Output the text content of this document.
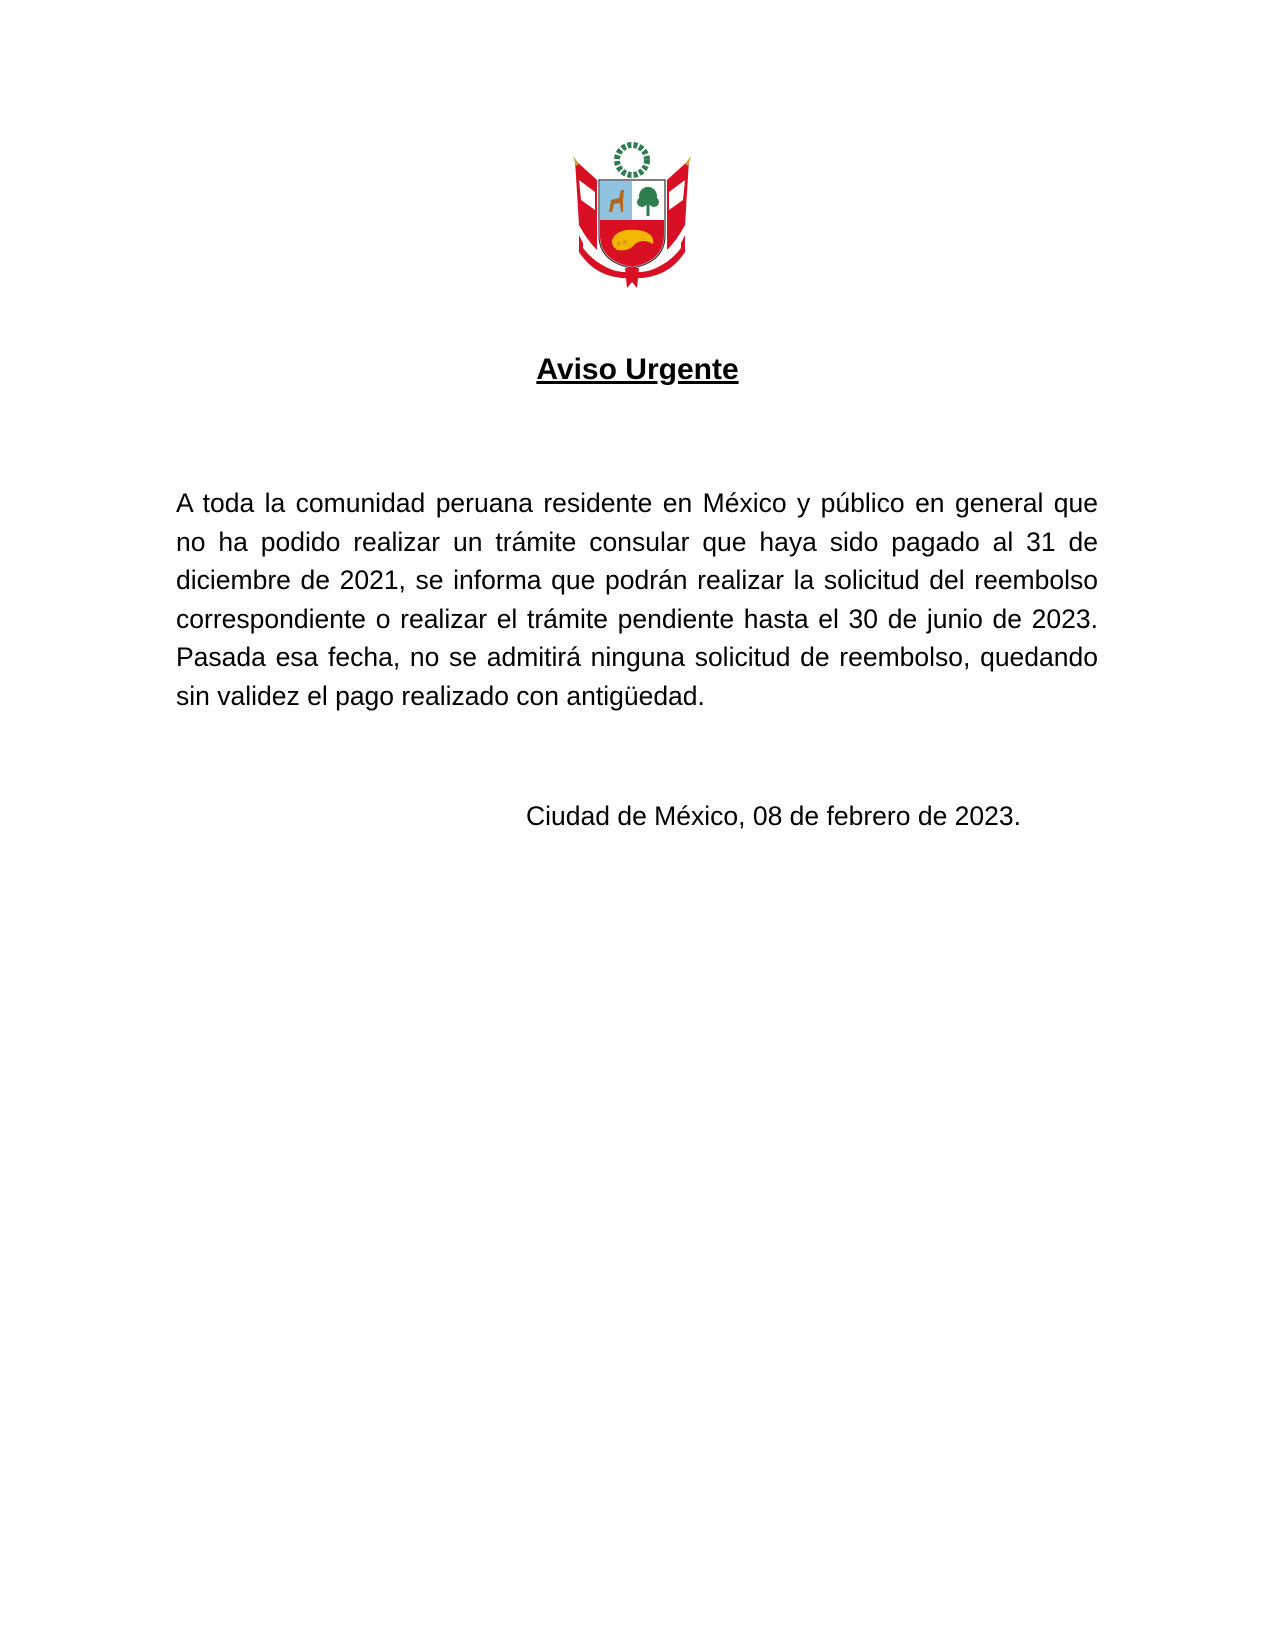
Aviso Urgente

A toda la comunidad peruana residente en México y público en general que no ha podido realizar un trámite consular que haya sido pagado al 31 de diciembre de 2021, se informa que podrán realizar la solicitud del reembolso correspondiente o realizar el trámite pendiente hasta el 30 de junio de 2023. Pasada esa fecha, no se admitirá ninguna solicitud de reembolso, quedando sin validez el pago realizado con antigüedad.

Ciudad de México, 08 de febrero de 2023.
